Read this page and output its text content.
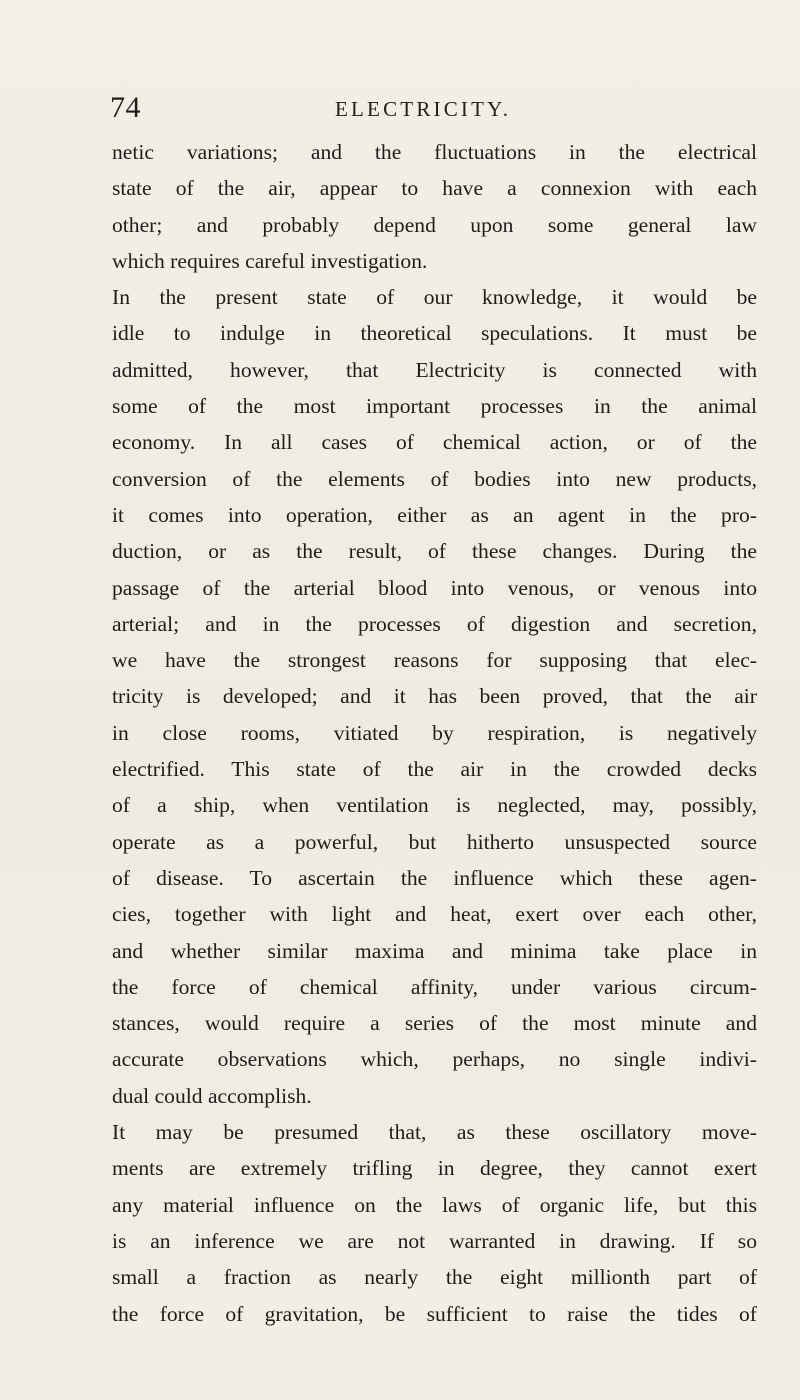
74	ELECTRICITY.
netic variations; and the fluctuations in the electrical
state of the air, appear to have a connexion with each
other; and probably depend upon some general law
which requires careful investigation.
In the present state of our knowledge, it would be
idle to indulge in theoretical speculations. It must be
admitted, however, that Electricity is connected with
some of the most important processes in the animal
economy. In all cases of chemical action, or of the
conversion of the elements of bodies into new products,
it comes into operation, either as an agent in the pro-
duction, or as the result, of these changes. During the
passage of the arterial blood into venous, or venous into
arterial; and in the processes of digestion and secretion,
we have the strongest reasons for supposing that elec-
tricity is developed; and it has been proved, that the air
in close rooms, vitiated by respiration, is negatively
electrified. This state of the air in the crowded decks
of a ship, when ventilation is neglected, may, possibly,
operate as a powerful, but hitherto unsuspected source
of disease. To ascertain the influence which these agen-
cies, together with light and heat, exert over each other,
and whether similar maxima and minima take place in
the force of chemical affinity, under various circum-
stances, would require a series of the most minute and
accurate observations which, perhaps, no single indivi-
dual could accomplish.
It may be presumed that, as these oscillatory move-
ments are extremely trifling in degree, they cannot exert
any material influence on the laws of organic life, but this
is an inference we are not warranted in drawing. If so
small a fraction as nearly the eight millionth part of
the force of gravitation, be sufficient to raise the tides of
